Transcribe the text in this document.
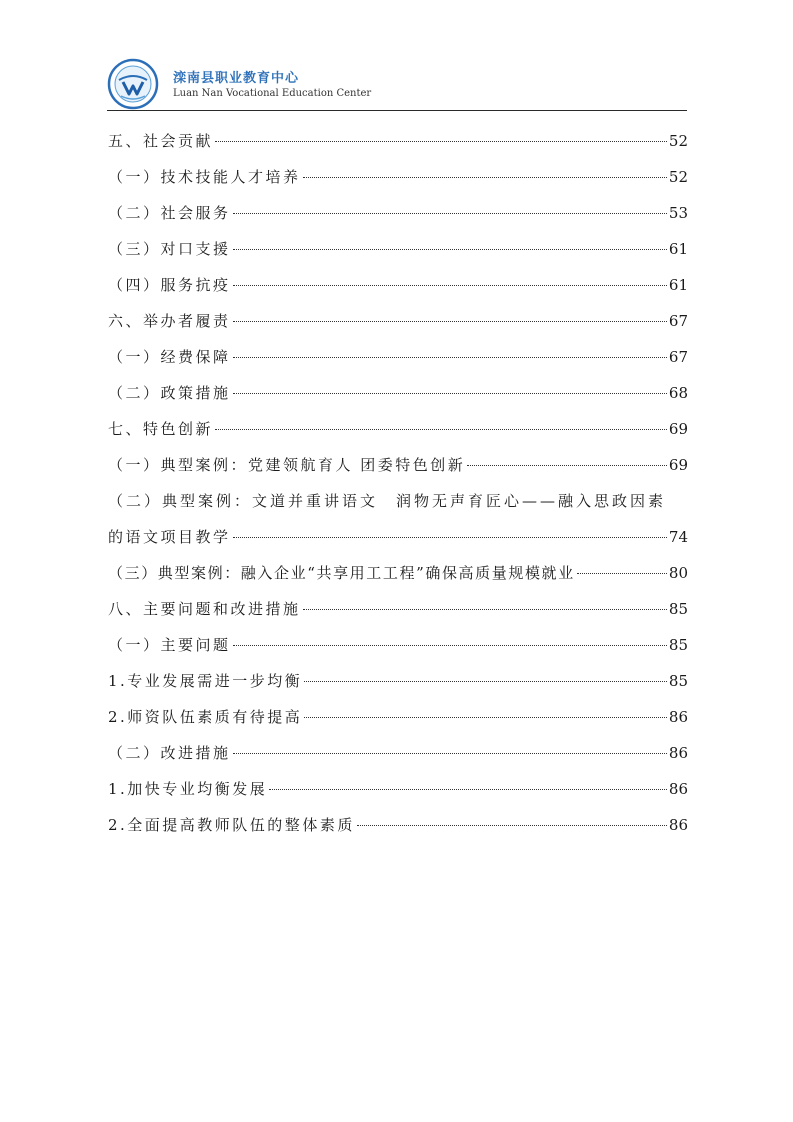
滦南县职业教育中心
Luan Nan Vocational Education Center
五、社会贡献	52
（一）技术技能人才培养	52
（二）社会服务	53
（三）对口支援	61
（四）服务抗疫	61
六、举办者履责	67
（一）经费保障	67
（二）政策措施	68
七、特色创新	69
（一）典型案例：党建领航育人 团委特色创新	69
（二）典型案例：文道并重讲语文　润物无声育匠心——融入思政因素
的语文项目教学	74
（三）典型案例：融入企业“共享用工工程”确保高质量规模就业	80
八、主要问题和改进措施	85
（一）主要问题	85
1.专业发展需进一步均衡	85
2.师资队伍素质有待提高	86
（二）改进措施	86
1.加快专业均衡发展	86
2.全面提高教师队伍的整体素质	86
